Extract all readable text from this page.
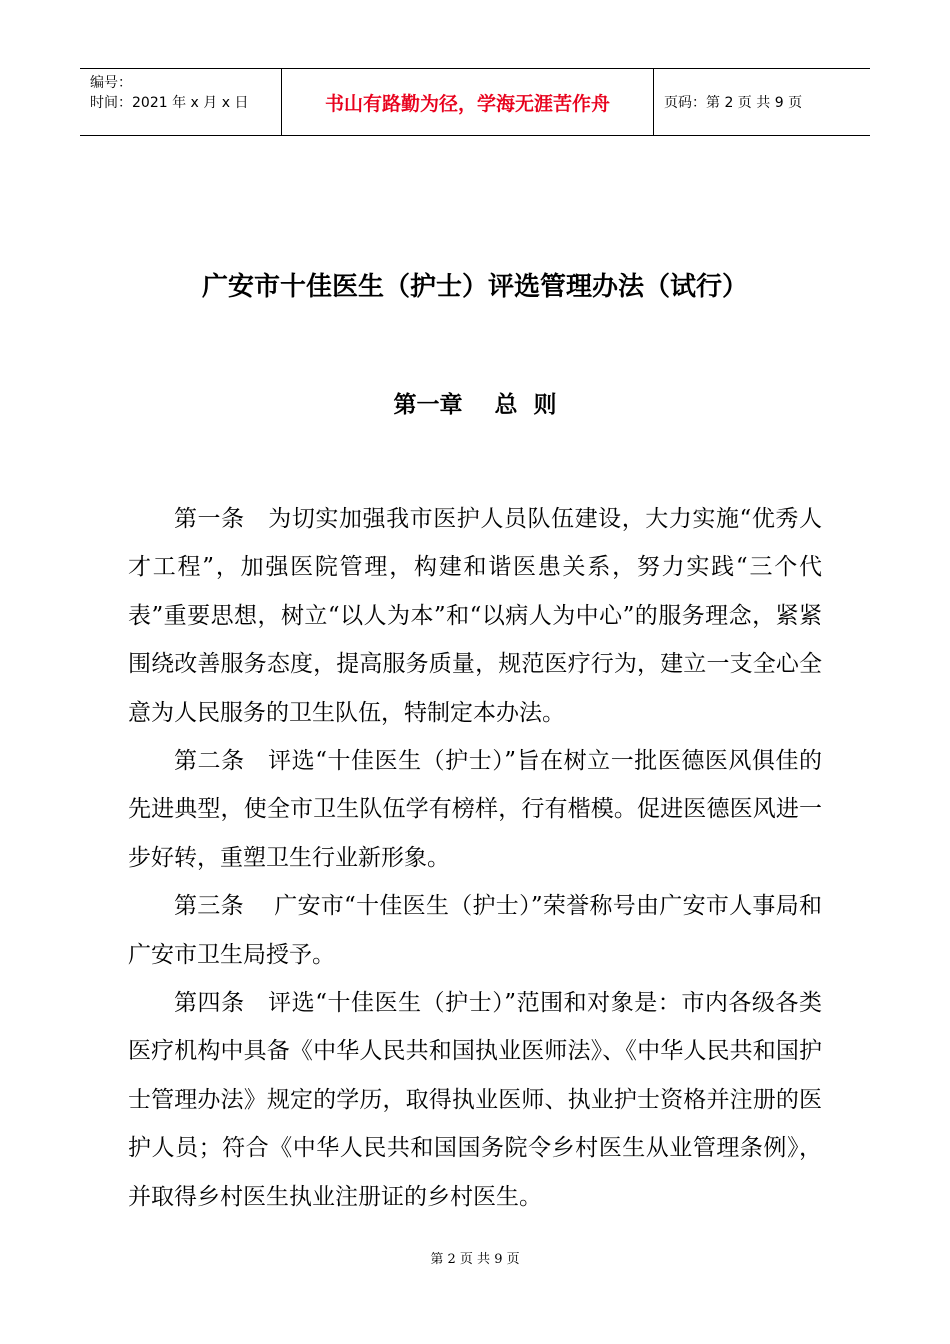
编号：
时间：2021 年 x 月 x 日	书山有路勤为径，学海无涯苦作舟	页码：第 2 页 共 9 页
广安市十佳医生（护士）评选管理办法（试行）
第一章    总  则

第一条   为切实加强我市医护人员队伍建设，大力实施“优秀人才工程”，加强医院管理，构建和谐医患关系，努力实践“三个代表”重要思想，树立“以人为本”和“以病人为中心”的服务理念，紧紧围绕改善服务态度，提高服务质量，规范医疗行为，建立一支全心全意为人民服务的卫生队伍，特制定本办法。

第二条   评选“十佳医生（护士）”旨在树立一批医德医风俱佳的先进典型，使全市卫生队伍学有榜样，行有楷模。促进医德医风进一步好转，重塑卫生行业新形象。

第三条    广安市“十佳医生（护士）”荣誉称号由广安市人事局和广安市卫生局授予。

第四条   评选“十佳医生（护士）”范围和对象是：市内各级各类医疗机构中具备《中华人民共和国执业医师法》、《中华人民共和国护士管理办法》规定的学历，取得执业医师、执业护士资格并注册的医护人员；符合《中华人民共和国国务院令乡村医生从业管理条例》，并取得乡村医生执业注册证的乡村医生。

第 2 页 共 9 页
